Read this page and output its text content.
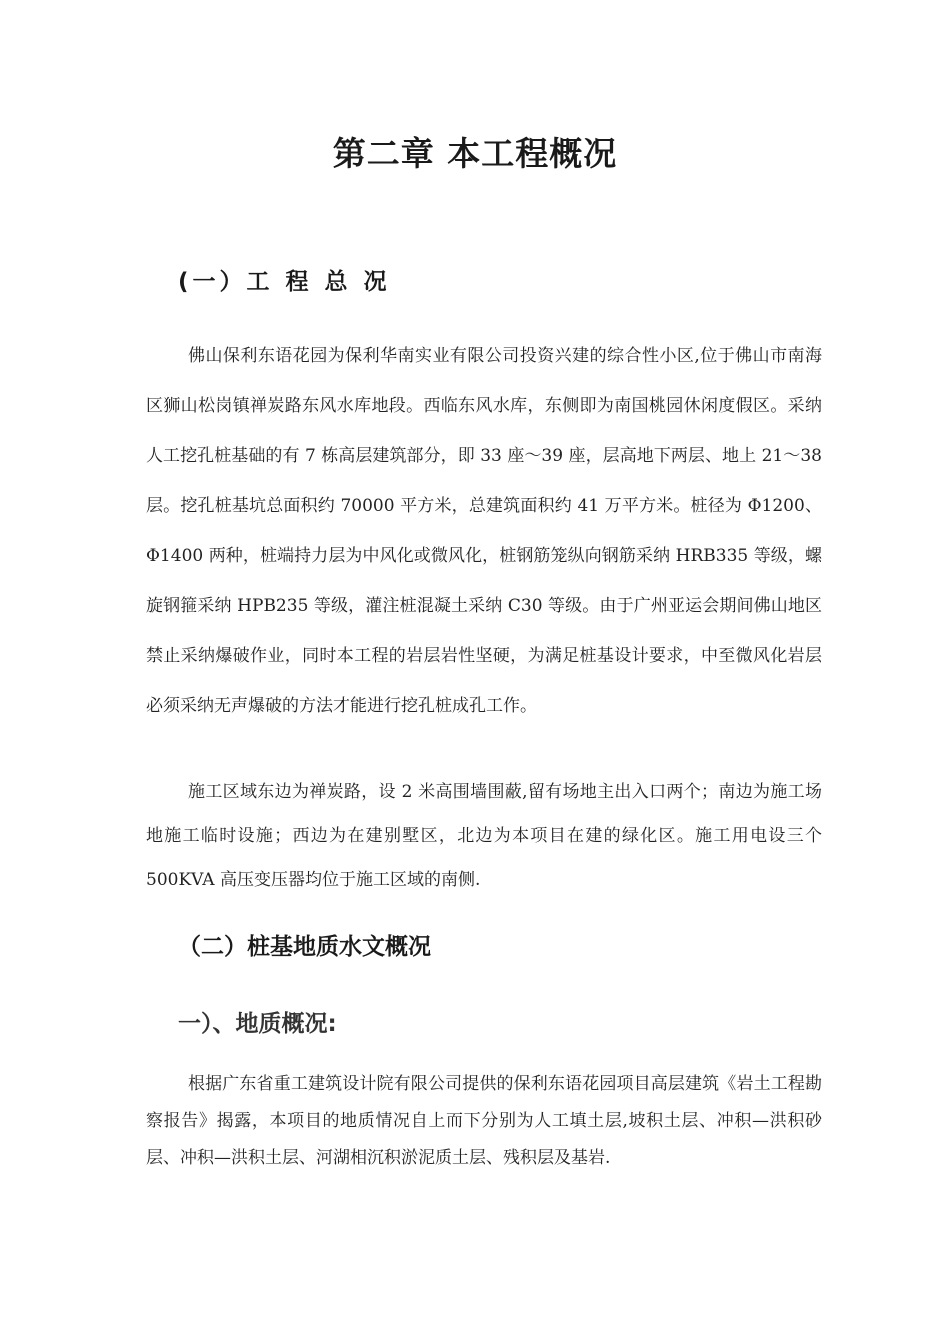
第二章 本工程概况
(一）工 程 总 况

佛山保利东语花园为保利华南实业有限公司投资兴建的综合性小区,位于佛山市南海区狮山松岗镇禅炭路东风水库地段。西临东风水库，东侧即为南国桃园休闲度假区。采纳人工挖孔桩基础的有 7 栋高层建筑部分，即 33 座～39 座，层高地下两层、地上 21～38 层。挖孔桩基坑总面积约 70000 平方米，总建筑面积约 41 万平方米。桩径为 Φ1200、Φ1400 两种，桩端持力层为中风化或微风化，桩钢筋笼纵向钢筋采纳 HRB335 等级，螺旋钢箍采纳 HPB235 等级，灌注桩混凝土采纳 C30 等级。由于广州亚运会期间佛山地区禁止采纳爆破作业，同时本工程的岩层岩性坚硬，为满足桩基设计要求，中至微风化岩层必须采纳无声爆破的方法才能进行挖孔桩成孔工作。

施工区域东边为禅炭路，设 2 米高围墙围蔽,留有场地主出入口两个；南边为施工场地施工临时设施；西边为在建别墅区，北边为本项目在建的绿化区。施工用电设三个 500KVA 高压变压器均位于施工区域的南侧.

（二）桩基地质水文概况
一）、地质概况:

根据广东省重工建筑设计院有限公司提供的保利东语花园项目高层建筑《岩土工程勘察报告》揭露，本项目的地质情况自上而下分别为人工填土层,坡积土层、冲积—洪积砂层、冲积—洪积土层、河湖相沉积淤泥质土层、残积层及基岩.
